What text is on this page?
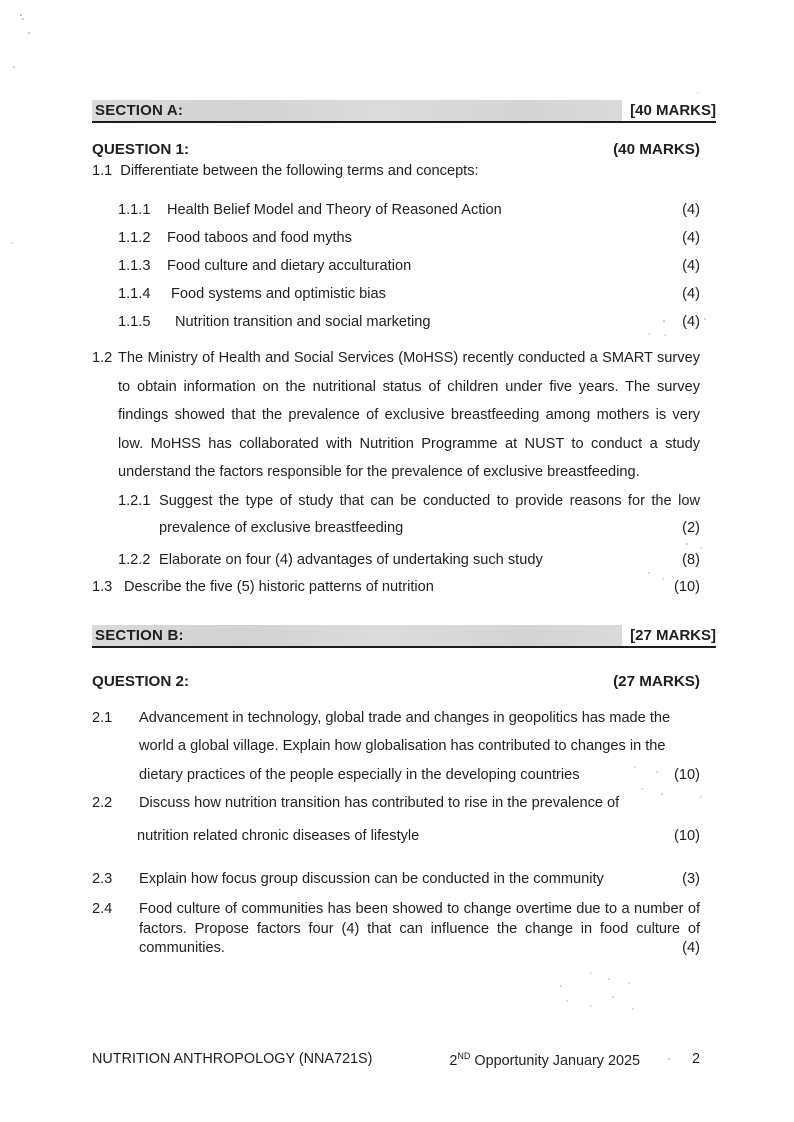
SECTION A:	[40 MARKS]
QUESTION 1:	(40 MARKS)
1.1 Differentiate between the following terms and concepts:
1.1.1	Health Belief Model and Theory of Reasoned Action	(4)
1.1.2	Food taboos and food myths	(4)
1.1.3	Food culture and dietary acculturation	(4)
1.1.4	Food systems and optimistic bias	(4)
1.1.5	Nutrition transition and social marketing	(4)
1.2 The Ministry of Health and Social Services (MoHSS) recently conducted a SMART survey to obtain information on the nutritional status of children under five years. The survey findings showed that the prevalence of exclusive breastfeeding among mothers is very low. MoHSS has collaborated with Nutrition Programme at NUST to conduct a study understand the factors responsible for the prevalence of exclusive breastfeeding.
1.2.1 Suggest the type of study that can be conducted to provide reasons for the low prevalence of exclusive breastfeeding	(2)
1.2.2 Elaborate on four (4) advantages of undertaking such study	(8)
1.3 Describe the five (5) historic patterns of nutrition	(10)
SECTION B:	[27 MARKS]
QUESTION 2:	(27 MARKS)
2.1	Advancement in technology, global trade and changes in geopolitics has made the world a global village. Explain how globalisation has contributed to changes in the dietary practices of the people especially in the developing countries	(10)
2.2	Discuss how nutrition transition has contributed to rise in the prevalence of
nutrition related chronic diseases of lifestyle	(10)
2.3	Explain how focus group discussion can be conducted in the community	(3)
2.4	Food culture of communities has been showed to change overtime due to a number of factors. Propose factors four (4) that can influence the change in food culture of communities.	(4)
NUTRITION ANTHROPOLOGY (NNA721S)	2ND Opportunity January 2025	2
